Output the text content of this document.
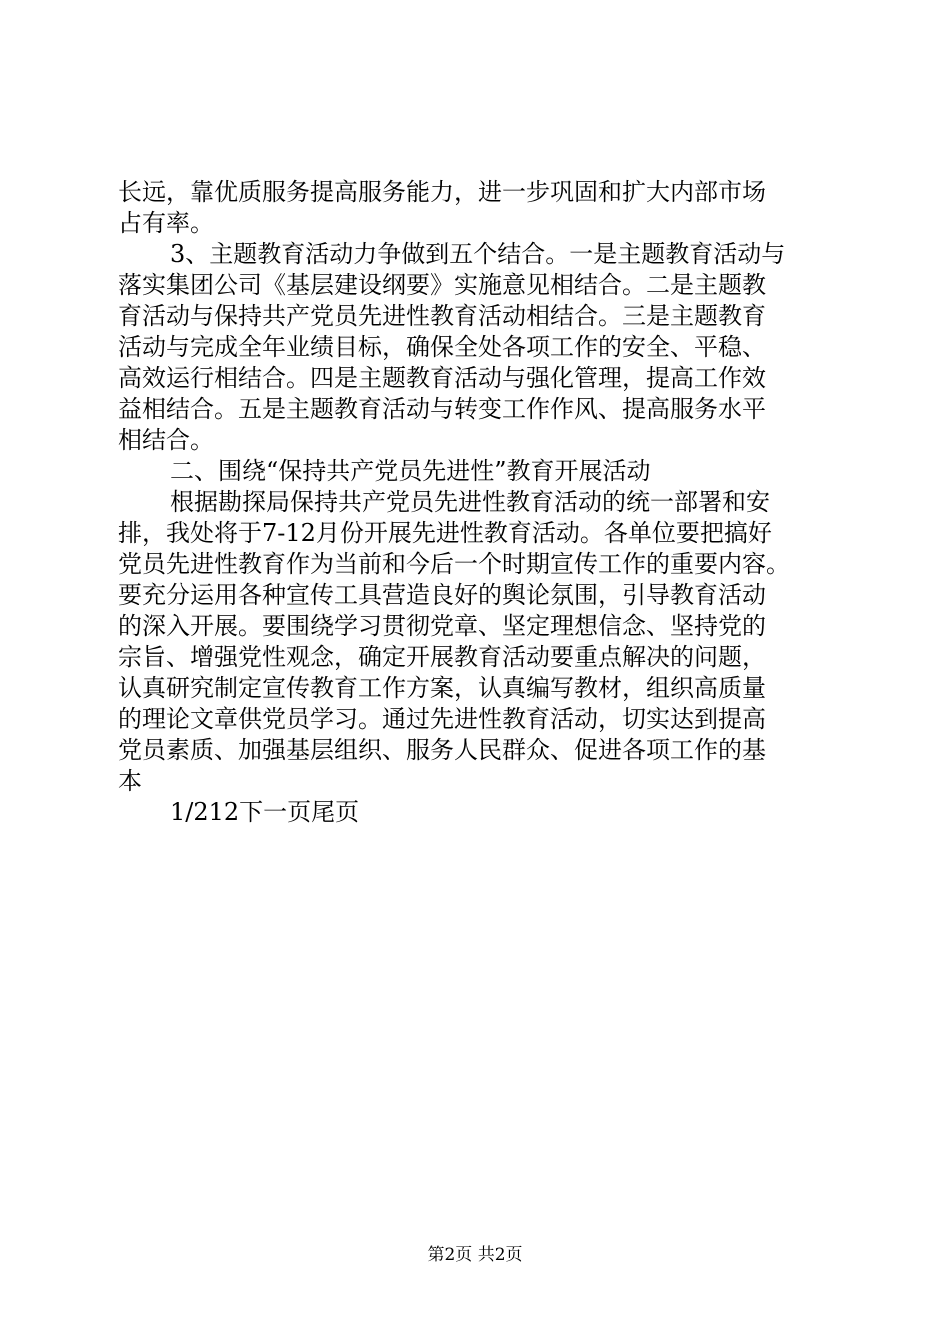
长远，靠优质服务提高服务能力，进一步巩固和扩大内部市场
占有率。
3、主题教育活动力争做到五个结合。一是主题教育活动与
落实集团公司《基层建设纲要》实施意见相结合。二是主题教
育活动与保持共产党员先进性教育活动相结合。三是主题教育
活动与完成全年业绩目标，确保全处各项工作的安全、平稳、
高效运行相结合。四是主题教育活动与强化管理，提高工作效
益相结合。五是主题教育活动与转变工作作风、提高服务水平
相结合。
二、围绕“保持共产党员先进性”教育开展活动
根据勘探局保持共产党员先进性教育活动的统一部署和安
排，我处将于7-12月份开展先进性教育活动。各单位要把搞好
党员先进性教育作为当前和今后一个时期宣传工作的重要内容。
要充分运用各种宣传工具营造良好的舆论氛围，引导教育活动
的深入开展。要围绕学习贯彻党章、坚定理想信念、坚持党的
宗旨、增强党性观念，确定开展教育活动要重点解决的问题，
认真研究制定宣传教育工作方案，认真编写教材，组织高质量
的理论文章供党员学习。通过先进性教育活动，切实达到提高
党员素质、加强基层组织、服务人民群众、促进各项工作的基
本
1/212下一页尾页
第2页 共2页
